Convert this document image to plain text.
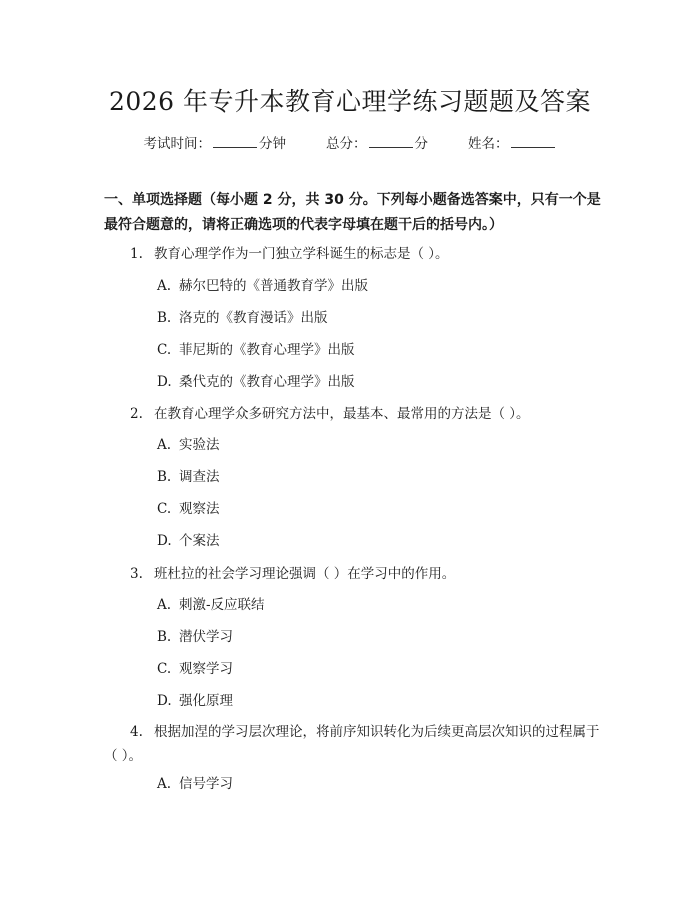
2026 年专升本教育心理学练习题题及答案
考试时间：	分钟	总分：	分	姓名：
一、单项选择题（每小题 2 分，共 30 分。下列每小题备选答案中，只有一个是最符合题意的，请将正确选项的代表字母填在题干后的括号内。）
1. 教育心理学作为一门独立学科诞生的标志是（ ）。
A. 赫尔巴特的《普通教育学》出版
B. 洛克的《教育漫话》出版
C. 菲尼斯的《教育心理学》出版
D. 桑代克的《教育心理学》出版
2. 在教育心理学众多研究方法中，最基本、最常用的方法是（ ）。
A. 实验法
B. 调查法
C. 观察法
D. 个案法
3. 班杜拉的社会学习理论强调（ ）在学习中的作用。
A. 刺激-反应联结
B. 潜伏学习
C. 观察学习
D. 强化原理
4. 根据加涅的学习层次理论，将前序知识转化为后续更高层次知识的过程属于（ ）。
A. 信号学习
